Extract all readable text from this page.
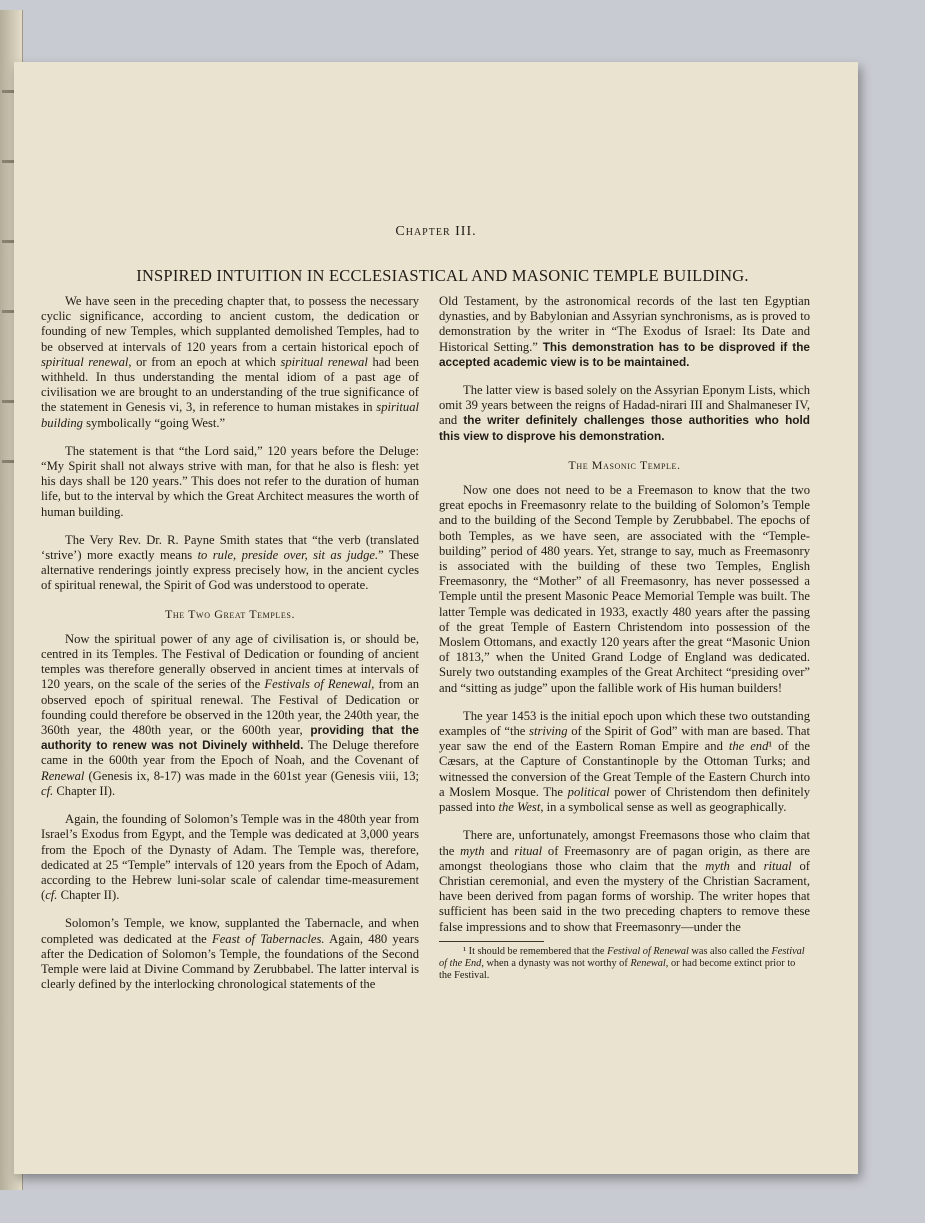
Chapter III.
INSPIRED INTUITION IN ECCLESIASTICAL AND MASONIC TEMPLE BUILDING.

We have seen in the preceding chapter that, to possess the necessary cyclic significance, according to ancient custom, the dedication or founding of new Temples, which supplanted demolished Temples, had to be observed at intervals of 120 years from a certain historical epoch of spiritual renewal, or from an epoch at which spiritual renewal had been withheld. In thus understanding the mental idiom of a past age of civilisation we are brought to an understanding of the true significance of the statement in Genesis vi, 3, in reference to human mistakes in spiritual building symbolically “going West.”

The statement is that “the Lord said,” 120 years before the Deluge: “My Spirit shall not always strive with man, for that he also is flesh: yet his days shall be 120 years.” This does not refer to the duration of human life, but to the interval by which the Great Architect measures the worth of human building.

The Very Rev. Dr. R. Payne Smith states that “the verb (translated ‘strive’) more exactly means to rule, preside over, sit as judge.” These alternative renderings jointly express precisely how, in the ancient cycles of spiritual renewal, the Spirit of God was understood to operate.

The Two Great Temples.

Now the spiritual power of any age of civilisation is, or should be, centred in its Temples. The Festival of Dedication or founding of ancient temples was therefore generally observed in ancient times at intervals of 120 years, on the scale of the series of the Festivals of Renewal, from an observed epoch of spiritual renewal. The Festival of Dedication or founding could therefore be observed in the 120th year, the 240th year, the 360th year, the 480th year, or the 600th year, providing that the authority to renew was not Divinely withheld. The Deluge therefore came in the 600th year from the Epoch of Noah, and the Covenant of Renewal (Genesis ix, 8-17) was made in the 601st year (Genesis viii, 13; cf. Chapter II).

Again, the founding of Solomon’s Temple was in the 480th year from Israel’s Exodus from Egypt, and the Temple was dedicated at 3,000 years from the Epoch of the Dynasty of Adam. The Temple was, therefore, dedicated at 25 “Temple” intervals of 120 years from the Epoch of Adam, according to the Hebrew luni-solar scale of calendar time-measurement (cf. Chapter II).

Solomon’s Temple, we know, supplanted the Tabernacle, and when completed was dedicated at the Feast of Tabernacles. Again, 480 years after the Dedication of Solomon’s Temple, the foundations of the Second Temple were laid at Divine Command by Zerubbabel. The latter interval is clearly defined by the interlocking chronological statements of the

Old Testament, by the astronomical records of the last ten Egyptian dynasties, and by Babylonian and Assyrian synchronisms, as is proved to demonstration by the writer in “The Exodus of Israel: Its Date and Historical Setting.” This demonstration has to be disproved if the accepted academic view is to be maintained.

The latter view is based solely on the Assyrian Eponym Lists, which omit 39 years between the reigns of Hadad-nirari III and Shalmaneser IV, and the writer definitely challenges those authorities who hold this view to disprove his demonstration.

The Masonic Temple.

Now one does not need to be a Freemason to know that the two great epochs in Freemasonry relate to the building of Solomon’s Temple and to the building of the Second Temple by Zerubbabel. The epochs of both Temples, as we have seen, are associated with the “Temple-building” period of 480 years. Yet, strange to say, much as Freemasonry is associated with the building of these two Temples, English Freemasonry, the “Mother” of all Freemasonry, has never possessed a Temple until the present Masonic Peace Memorial Temple was built. The latter Temple was dedicated in 1933, exactly 480 years after the passing of the great Temple of Eastern Christendom into possession of the Moslem Ottomans, and exactly 120 years after the great “Masonic Union of 1813,” when the United Grand Lodge of England was dedicated. Surely two outstanding examples of the Great Architect “presiding over” and “sitting as judge” upon the fallible work of His human builders!

The year 1453 is the initial epoch upon which these two outstanding examples of “the striving of the Spirit of God” with man are based. That year saw the end of the Eastern Roman Empire and the end¹ of the Cæsars, at the Capture of Constantinople by the Ottoman Turks; and witnessed the conversion of the Great Temple of the Eastern Church into a Moslem Mosque. The political power of Christendom then definitely passed into the West, in a symbolical sense as well as geographically.

There are, unfortunately, amongst Freemasons those who claim that the myth and ritual of Freemasonry are of pagan origin, as there are amongst theologians those who claim that the myth and ritual of Christian ceremonial, and even the mystery of the Christian Sacrament, have been derived from pagan forms of worship. The writer hopes that sufficient has been said in the two preceding chapters to remove these false impressions and to show that Freemasonry—under the

¹ It should be remembered that the Festival of Renewal was also called the Festival of the End, when a dynasty was not worthy of Renewal, or had become extinct prior to the Festival.
